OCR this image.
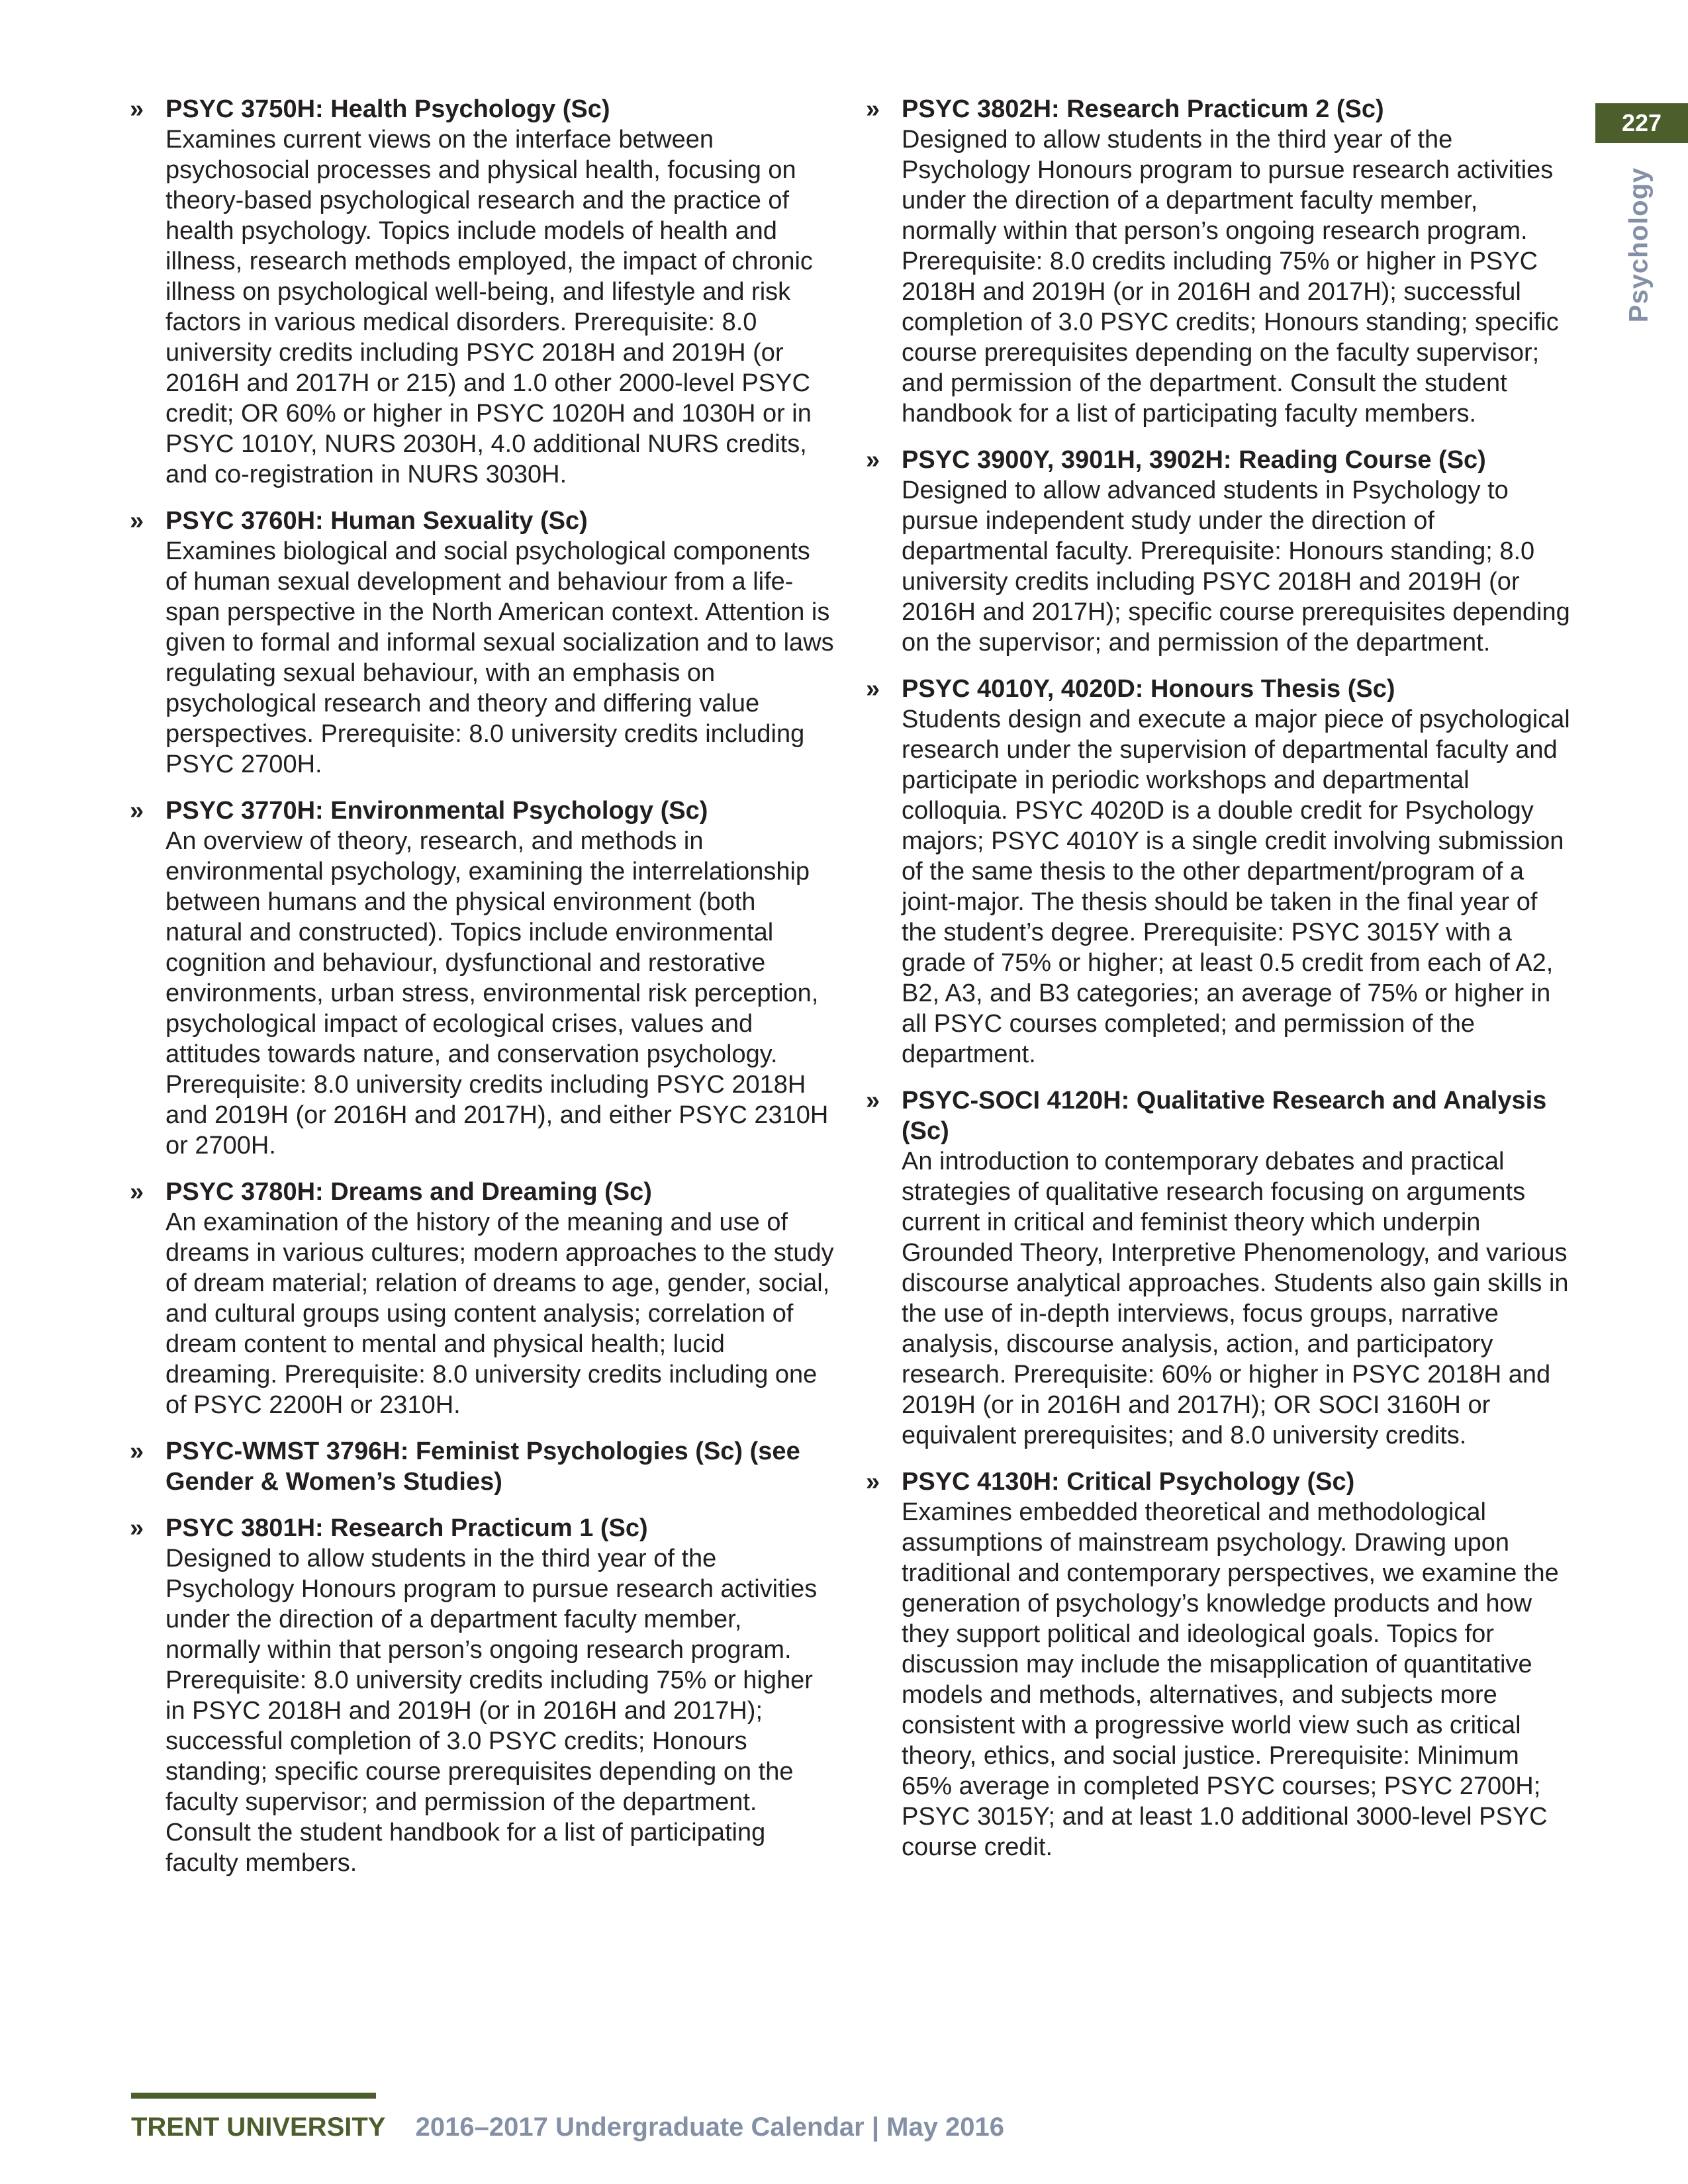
» PSYC 3750H: Health Psychology (Sc)

Examines current views on the interface between psychosocial processes and physical health, focusing on theory-based psychological research and the practice of health psychology. Topics include models of health and illness, research methods employed, the impact of chronic illness on psychological well-being, and lifestyle and risk factors in various medical disorders. Prerequisite: 8.0 university credits including PSYC 2018H and 2019H (or 2016H and 2017H or 215) and 1.0 other 2000-level PSYC credit; OR 60% or higher in PSYC 1020H and 1030H or in PSYC 1010Y, NURS 2030H, 4.0 additional NURS credits, and co-registration in NURS 3030H.

» PSYC 3760H: Human Sexuality (Sc)

Examines biological and social psychological components of human sexual development and behaviour from a life-span perspective in the North American context. Attention is given to formal and informal sexual socialization and to laws regulating sexual behaviour, with an emphasis on psychological research and theory and differing value perspectives. Prerequisite: 8.0 university credits including PSYC 2700H.

» PSYC 3770H: Environmental Psychology (Sc)

An overview of theory, research, and methods in environmental psychology, examining the interrelationship between humans and the physical environment (both natural and constructed). Topics include environmental cognition and behaviour, dysfunctional and restorative environments, urban stress, environmental risk perception, psychological impact of ecological crises, values and attitudes towards nature, and conservation psychology. Prerequisite: 8.0 university credits including PSYC 2018H and 2019H (or 2016H and 2017H), and either PSYC 2310H or 2700H.

» PSYC 3780H: Dreams and Dreaming (Sc)

An examination of the history of the meaning and use of dreams in various cultures; modern approaches to the study of dream material; relation of dreams to age, gender, social, and cultural groups using content analysis; correlation of dream content to mental and physical health; lucid dreaming. Prerequisite: 8.0 university credits including one of PSYC 2200H or 2310H.

» PSYC-WMST 3796H: Feminist Psychologies (Sc) (see Gender & Women’s Studies)

» PSYC 3801H: Research Practicum 1 (Sc)

Designed to allow students in the third year of the Psychology Honours program to pursue research activities under the direction of a department faculty member, normally within that person’s ongoing research program. Prerequisite: 8.0 university credits including 75% or higher in PSYC 2018H and 2019H (or in 2016H and 2017H); successful completion of 3.0 PSYC credits; Honours standing; specific course prerequisites depending on the faculty supervisor; and permission of the department. Consult the student handbook for a list of participating faculty members.

» PSYC 3802H: Research Practicum 2 (Sc)

Designed to allow students in the third year of the Psychology Honours program to pursue research activities under the direction of a department faculty member, normally within that person’s ongoing research program. Prerequisite: 8.0 credits including 75% or higher in PSYC 2018H and 2019H (or in 2016H and 2017H); successful completion of 3.0 PSYC credits; Honours standing; specific course prerequisites depending on the faculty supervisor; and permission of the department. Consult the student handbook for a list of participating faculty members.

» PSYC 3900Y, 3901H, 3902H: Reading Course (Sc)

Designed to allow advanced students in Psychology to pursue independent study under the direction of departmental faculty. Prerequisite: Honours standing; 8.0 university credits including PSYC 2018H and 2019H (or 2016H and 2017H); specific course prerequisites depending on the supervisor; and permission of the department.

» PSYC 4010Y, 4020D: Honours Thesis (Sc)

Students design and execute a major piece of psychological research under the supervision of departmental faculty and participate in periodic workshops and departmental colloquia. PSYC 4020D is a double credit for Psychology majors; PSYC 4010Y is a single credit involving submission of the same thesis to the other department/program of a joint-major. The thesis should be taken in the final year of the student’s degree. Prerequisite: PSYC 3015Y with a grade of 75% or higher; at least 0.5 credit from each of A2, B2, A3, and B3 categories; an average of 75% or higher in all PSYC courses completed; and permission of the department.

» PSYC-SOCI 4120H: Qualitative Research and Analysis (Sc)

An introduction to contemporary debates and practical strategies of qualitative research focusing on arguments current in critical and feminist theory which underpin Grounded Theory, Interpretive Phenomenology, and various discourse analytical approaches. Students also gain skills in the use of in-depth interviews, focus groups, narrative analysis, discourse analysis, action, and participatory research. Prerequisite: 60% or higher in PSYC 2018H and 2019H (or in 2016H and 2017H); OR SOCI 3160H or equivalent prerequisites; and 8.0 university credits.

» PSYC 4130H: Critical Psychology (Sc)

Examines embedded theoretical and methodological assumptions of mainstream psychology. Drawing upon traditional and contemporary perspectives, we examine the generation of psychology’s knowledge products and how they support political and ideological goals. Topics for discussion may include the misapplication of quantitative models and methods, alternatives, and subjects more consistent with a progressive world view such as critical theory, ethics, and social justice. Prerequisite: Minimum 65% average in completed PSYC courses; PSYC 2700H; PSYC 3015Y; and at least 1.0 additional 3000-level PSYC course credit.

227
Psychology
TRENT UNIVERSITY 2016–2017 Undergraduate Calendar | May 2016
